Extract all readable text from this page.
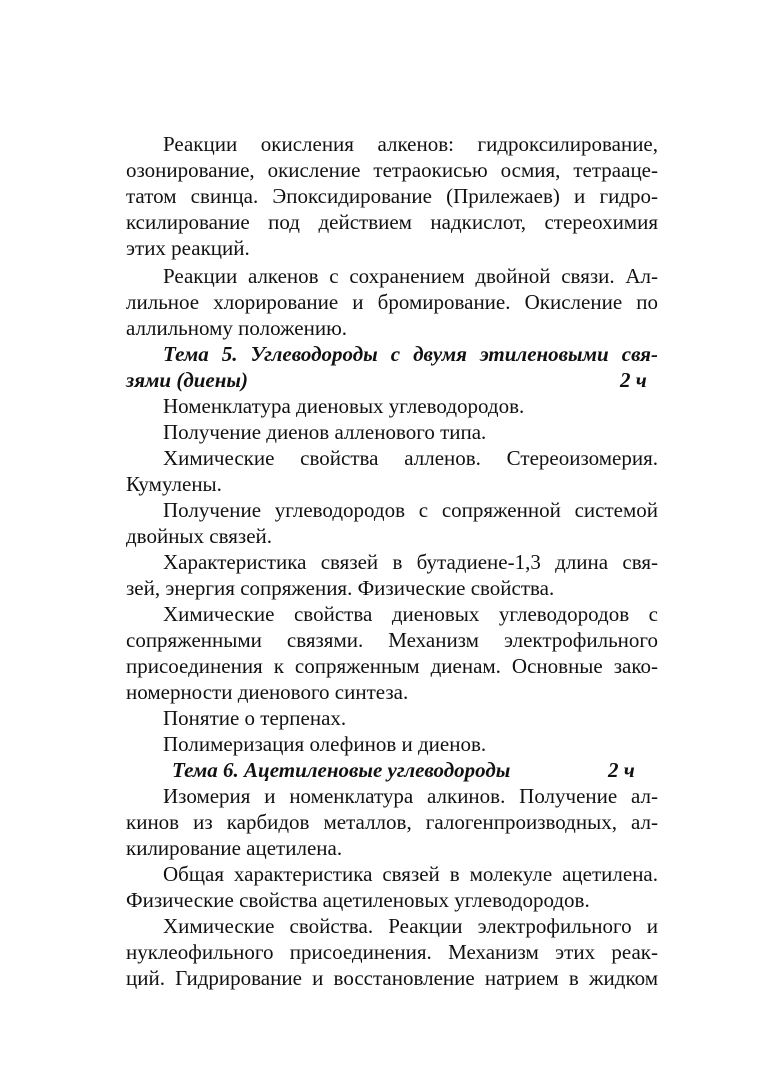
Реакции окисления алкенов: гидроксилирование,
озонирование, окисление тетраокисью осмия, тетрааце-
татом свинца. Эпоксидирование (Прилежаев) и гидро-
ксилирование под действием надкислот, стереохимия
этих реакций.
Реакции алкенов с сохранением двойной связи. Ал-
лильное хлорирование и бромирование. Окисление по
аллильному положению.
Тема 5. Углеводороды с двумя этиленовыми свя-
зями (диены)	2 ч
Номенклатура диеновых углеводородов.
Получение диенов алленового типа.
Химические свойства алленов. Стереоизомерия.
Кумулены.
Получение углеводородов с сопряженной системой
двойных связей.
Характеристика связей в бутадиене-1,3 длина свя-
зей, энергия сопряжения. Физические свойства.
Химические свойства диеновых углеводородов с
сопряженными связями. Механизм электрофильного
присоединения к сопряженным диенам. Основные зако-
номерности диенового синтеза.
Понятие о терпенах.
Полимеризация олефинов и диенов.
Тема 6. Ацетиленовые углеводороды	2 ч
Изомерия и номенклатура алкинов. Получение ал-
кинов из карбидов металлов, галогенпроизводных, ал-
килирование ацетилена.
Общая характеристика связей в молекуле ацетилена.
Физические свойства ацетиленовых углеводородов.
Химические свойства. Реакции электрофильного и
нуклеофильного присоединения. Механизм этих реак-
ций. Гидрирование и восстановление натрием в жидком
